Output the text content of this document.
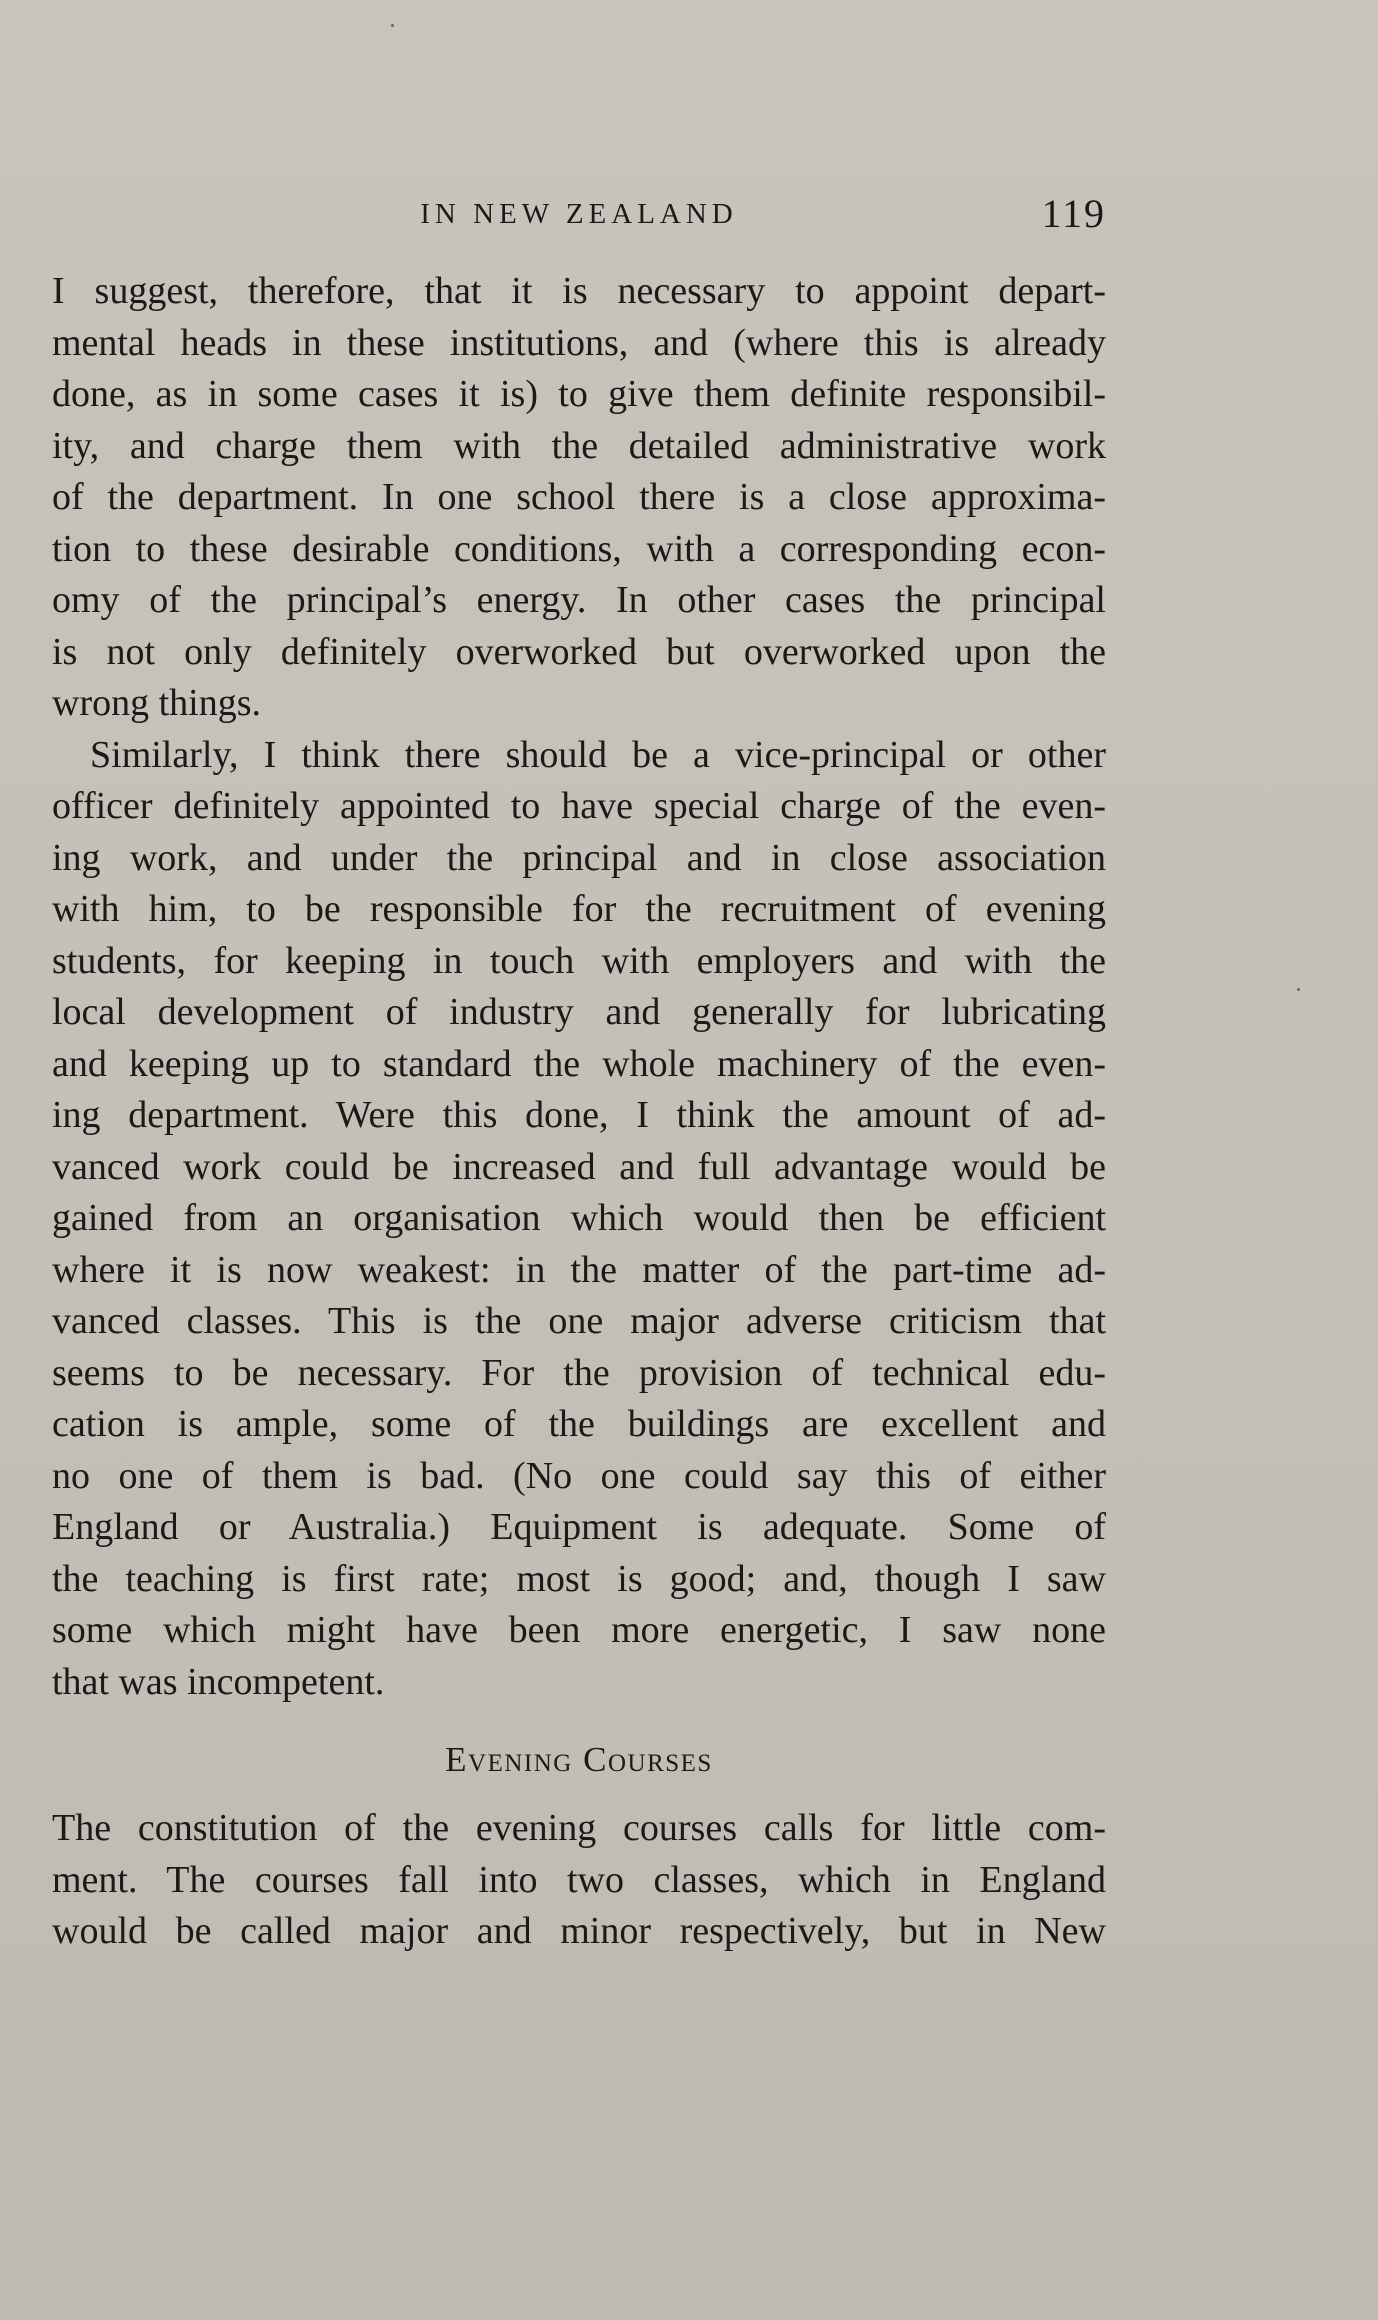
IN NEW ZEALAND	119
I suggest, therefore, that it is necessary to appoint depart-
mental heads in these institutions, and (where this is already
done, as in some cases it is) to give them definite responsibil-
ity, and charge them with the detailed administrative work
of the department. In one school there is a close approxima-
tion to these desirable conditions, with a corresponding econ-
omy of the principal’s energy. In other cases the principal
is not only definitely overworked but overworked upon the
wrong things.
Similarly, I think there should be a vice-principal or other
officer definitely appointed to have special charge of the even-
ing work, and under the principal and in close association
with him, to be responsible for the recruitment of evening
students, for keeping in touch with employers and with the
local development of industry and generally for lubricating
and keeping up to standard the whole machinery of the even-
ing department. Were this done, I think the amount of ad-
vanced work could be increased and full advantage would be
gained from an organisation which would then be efficient
where it is now weakest: in the matter of the part-time ad-
vanced classes. This is the one major adverse criticism that
seems to be necessary. For the provision of technical edu-
cation is ample, some of the buildings are excellent and
no one of them is bad. (No one could say this of either
England or Australia.) Equipment is adequate. Some of
the teaching is first rate; most is good; and, though I saw
some which might have been more energetic, I saw none
that was incompetent.
Evening Courses
The constitution of the evening courses calls for little com-
ment. The courses fall into two classes, which in England
would be called major and minor respectively, but in New
